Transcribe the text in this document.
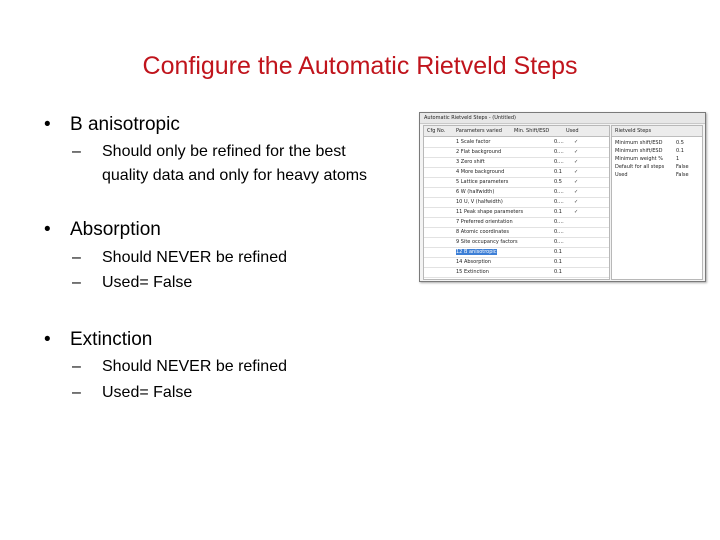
Configure the Automatic Rietveld Steps
• B anisotropic
– Should only be refined for the best
quality data and only for heavy atoms
• Absorption
– Should NEVER be refined
– Used= False
• Extinction
– Should NEVER be refined
– Used= False
Automatic Rietveld Steps - (Untitled)
Cfg No. Parameters varied Min. Shift/ESD	Used
1 Scale factor	0.… ✓
2 Flat background	0.… ✓
3 Zero shift	0.… ✓
4 More background	0.1 ✓
5 Lattice parameters	0.5 ✓
6 W (halfwidth)	0.… ✓
10 U, V (halfwidth)	0.… ✓
11 Peak shape parameters	0.1 ✓
7 Preferred orientation	0.…
8 Atomic coordinates	0.…
9 Site occupancy factors	0.…
12 B anisotropic	0.1
14 Absorption	0.1
15 Extinction	0.1
Rietveld Steps
Minimum shift/ESD	0.5
Minimum shift/ESD	0.1
Minimum weight %	1
Default for all steps False
Used	False
